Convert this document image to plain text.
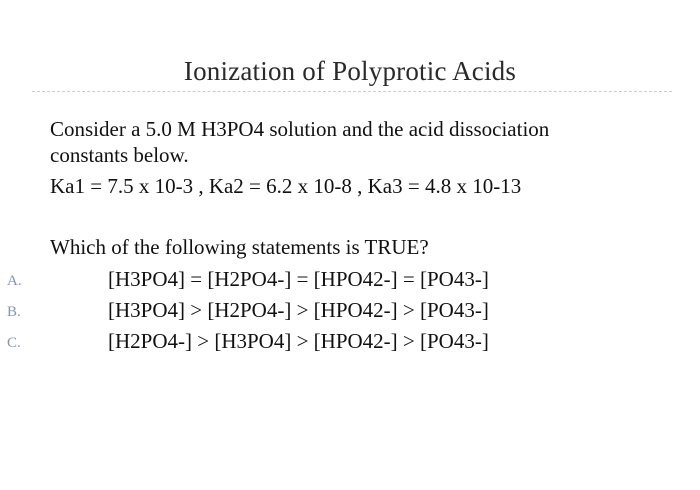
Ionization of Polyprotic Acids
Consider a 5.0 M H3PO4 solution and the acid dissociation
constants below.
Ka1 = 7.5 x 10-3 , Ka2 = 6.2 x 10-8 , Ka3 = 4.8 x 10-13
Which of the following statements is TRUE?
A.	[H3PO4] = [H2PO4-] = [HPO42-] = [PO43-]
B.	[H3PO4] > [H2PO4-] > [HPO42-] > [PO43-]
C.	[H2PO4-] > [H3PO4] > [HPO42-] > [PO43-]
